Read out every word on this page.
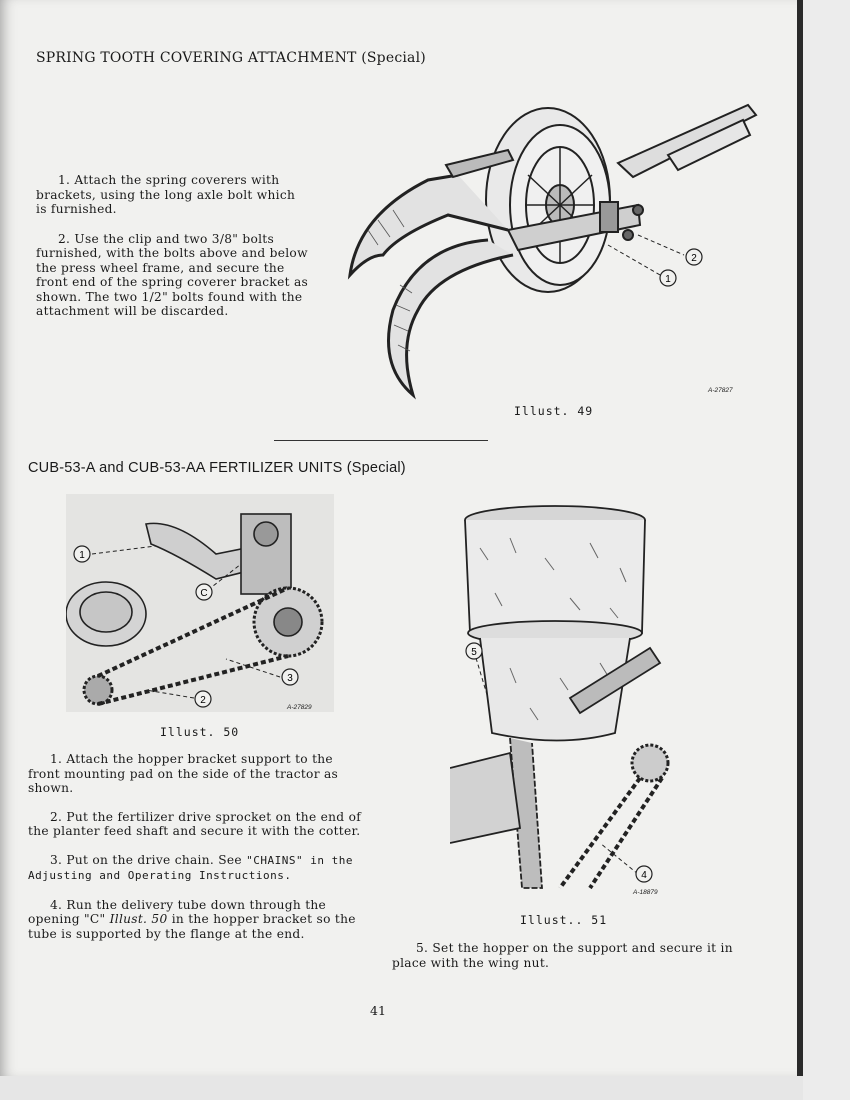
SPRING TOOTH COVERING ATTACHMENT (Special)

1. Attach the spring coverers with brackets, using the long axle bolt which is furnished.

2. Use the clip and two 3/8" bolts furnished, with the bolts above and below the press wheel frame, and secure the front end of the spring coverer bracket as shown. The two 1/2" bolts found with the attachment will be discarded.

2
1
A-27827
Illust. 49
CUB-53-A and CUB-53-AA FERTILIZER UNITS (Special)
1
C
3
2
A-27829
Illust. 50

1. Attach the hopper bracket support to the front mounting pad on the side of the tractor as shown.

2. Put the fertilizer drive sprocket on the end of the planter feed shaft and secure it with the cotter.

3. Put on the drive chain. See "CHAINS" in the Adjusting and Operating Instructions.

4. Run the delivery tube down through the opening "C" Illust. 50 in the hopper bracket so the tube is supported by the flange at the end.

5
4
A-18879
Illust.. 51
5. Set the hopper on the support and secure it in place with the wing nut.
41
